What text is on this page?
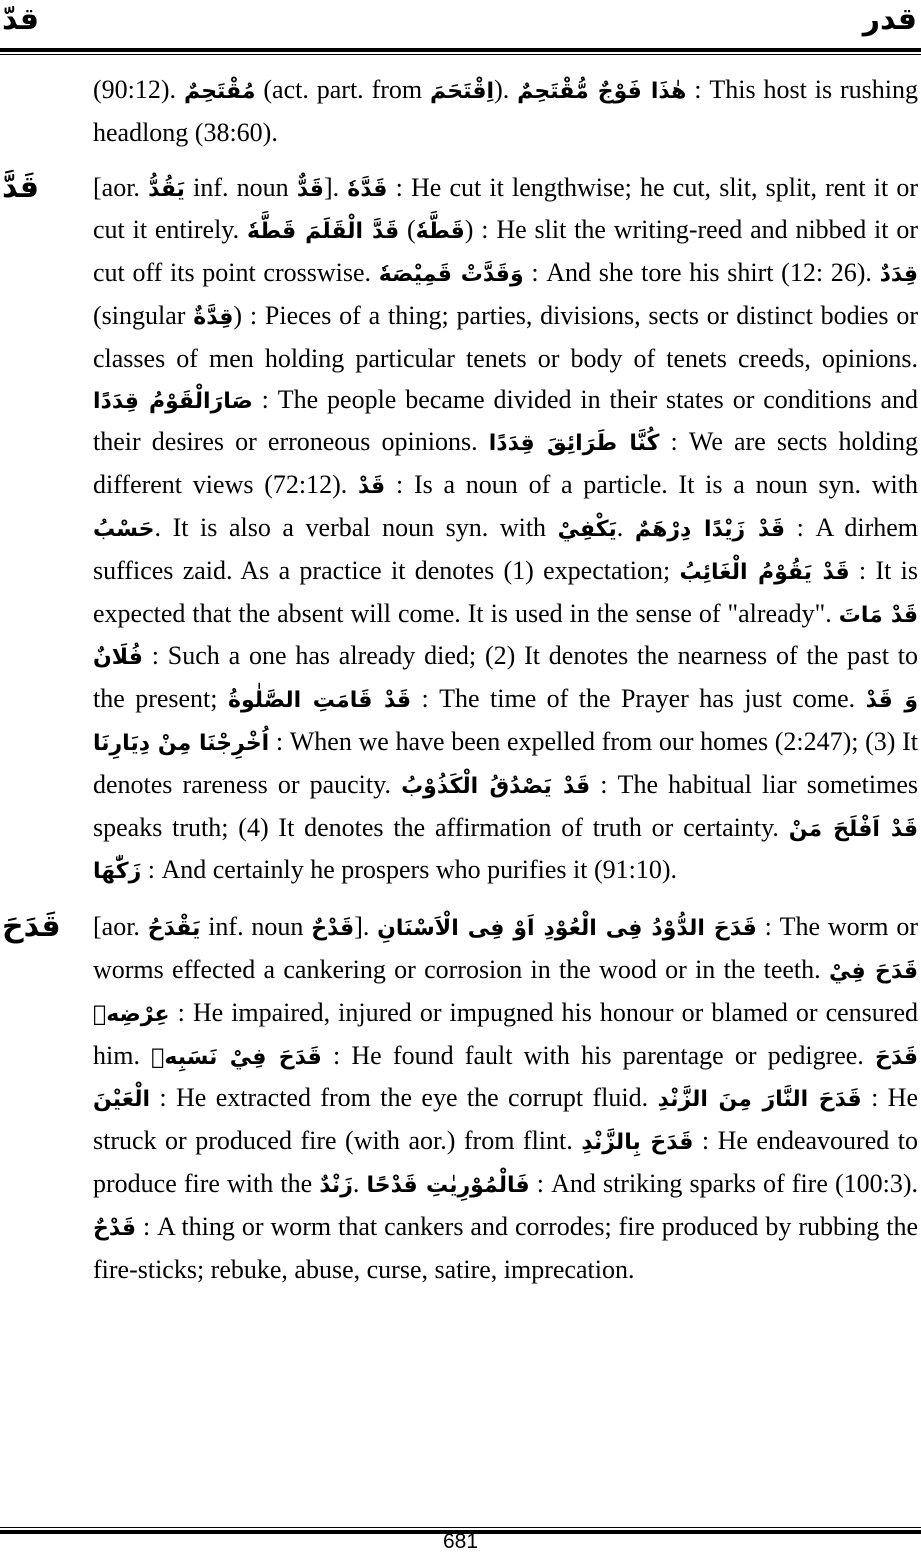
قدّ	قدر

(90:12). مُقْتَحِمٌ (act. part. from اِقْتَحَمَ). هٰذَا فَوْجٌ مُّقْتَحِمٌ : This host is rushing headlong (38:60).

قَدَّ [aor. يَقُدُّ inf. noun قَدٌّ]. قَدَّهٗ : He cut it lengthwise; he cut, slit, split, rent it or cut it entirely. قَدَّ الْقَلَمَ قَطَّهٗ (قَطَّهٗ) : He slit the writing-reed and nibbed it or cut off its point crosswise. وَقَدَّتْ قَمِيْصَهٗ : And she tore his shirt (12: 26). قِدَدٌ (singular قِدَّةٌ) : Pieces of a thing; parties, divisions, sects or distinct bodies or classes of men holding particular tenets or body of tenets creeds, opinions. صَارَالْقَوْمُ قِدَدًا : The people became divided in their states or conditions and their desires or erroneous opinions. كُنَّا طَرَائِقَ قِدَدًا : We are sects holding different views (72:12). قَدْ : Is a noun of a particle. It is a noun syn. with حَسْبُ. It is also a verbal noun syn. with يَكْفِيْ. قَدْ زَيْدًا دِرْهَمٌ : A dirhem suffices zaid. As a practice it denotes (1) expectation; قَدْ يَقُوْمُ الْغَائِبُ : It is expected that the absent will come. It is used in the sense of "already". قَدْ مَاتَ فُلَانٌ : Such a one has already died; (2) It denotes the nearness of the past to the present; قَدْ قَامَتِ الصَّلٰوةُ : The time of the Prayer has just come. وَ قَدْ اُخْرِجْنَا مِنْ دِيَارِنَا : When we have been expelled from our homes (2:247); (3) It denotes rareness or paucity. قَدْ يَصْدُقُ الْكَذُوْبُ : The habitual liar sometimes speaks truth; (4) It denotes the affirmation of truth or certainty. قَدْ اَفْلَحَ مَنْ زَكّٰهَا : And certainly he prospers who purifies it (91:10).

قَدَحَ [aor. يَقْدَحُ inf. noun قَدْحٌ]. قَدَحَ الدُّوْدُ فِى الْعُوْدِ اَوْ فِى الْاَسْنَانِ : The worm or worms effected a cankering or corrosion in the wood or in the teeth. قَدَحَ فِيْ عِرْضِهٖ : He impaired, injured or impugned his honour or blamed or censured him. قَدَحَ فِيْ نَسَبِهٖ : He found fault with his parentage or pedigree. قَدَحَ الْعَيْنَ : He extracted from the eye the corrupt fluid. قَدَحَ النَّارَ مِنَ الزَّنْدِ : He struck or produced fire (with aor.) from flint. قَدَحَ بِالزَّنْدِ : He endeavoured to produce fire with the زَنْدٌ. فَالْمُوْرِيٰتِ قَدْحًا : And striking sparks of fire (100:3). قَدْحٌ : A thing or worm that cankers and corrodes; fire produced by rubbing the fire-sticks; rebuke, abuse, curse, satire, imprecation.

681
